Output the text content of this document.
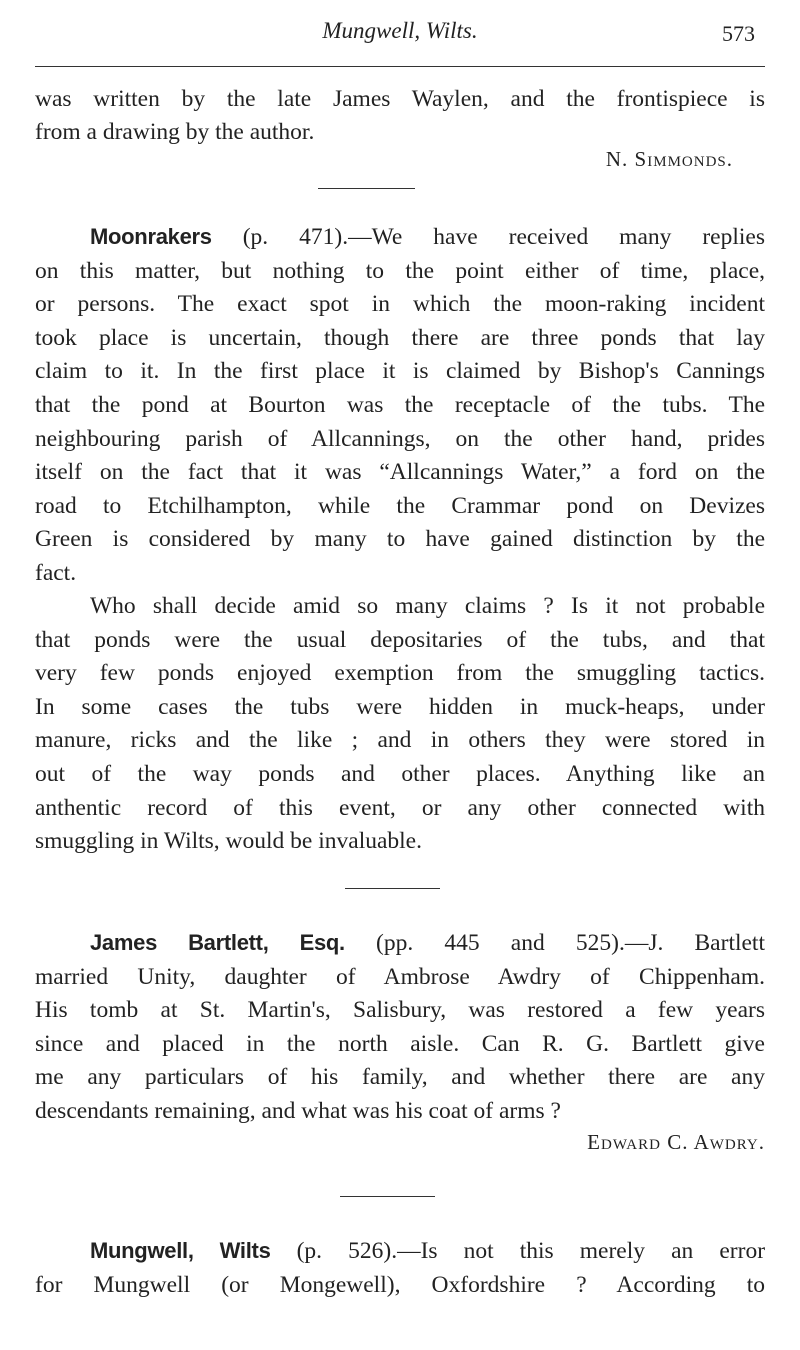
Mungwell, Wilts.	573
was written by the late James Waylen, and the frontispiece is
from a drawing by the author.
N. Simmonds.
Moonrakers (p. 471).—We have received many replies
on this matter, but nothing to the point either of time, place,
or persons. The exact spot in which the moon-raking incident
took place is uncertain, though there are three ponds that lay
claim to it. In the first place it is claimed by Bishop's Cannings
that the pond at Bourton was the receptacle of the tubs. The
neighbouring parish of Allcannings, on the other hand, prides
itself on the fact that it was “Allcannings Water,” a ford on the
road to Etchilhampton, while the Crammar pond on Devizes
Green is considered by many to have gained distinction by the
fact.
Who shall decide amid so many claims ? Is it not probable
that ponds were the usual depositaries of the tubs, and that
very few ponds enjoyed exemption from the smuggling tactics.
In some cases the tubs were hidden in muck-heaps, under
manure, ricks and the like ; and in others they were stored in
out of the way ponds and other places. Anything like an
anthentic record of this event, or any other connected with
smuggling in Wilts, would be invaluable.
James Bartlett, Esq. (pp. 445 and 525).—J. Bartlett
married Unity, daughter of Ambrose Awdry of Chippenham.
His tomb at St. Martin's, Salisbury, was restored a few years
since and placed in the north aisle. Can R. G. Bartlett give
me any particulars of his family, and whether there are any
descendants remaining, and what was his coat of arms ?
Edward C. Awdry.
Mungwell, Wilts (p. 526).—Is not this merely an error
for Mungwell (or Mongewell), Oxfordshire ? According to
